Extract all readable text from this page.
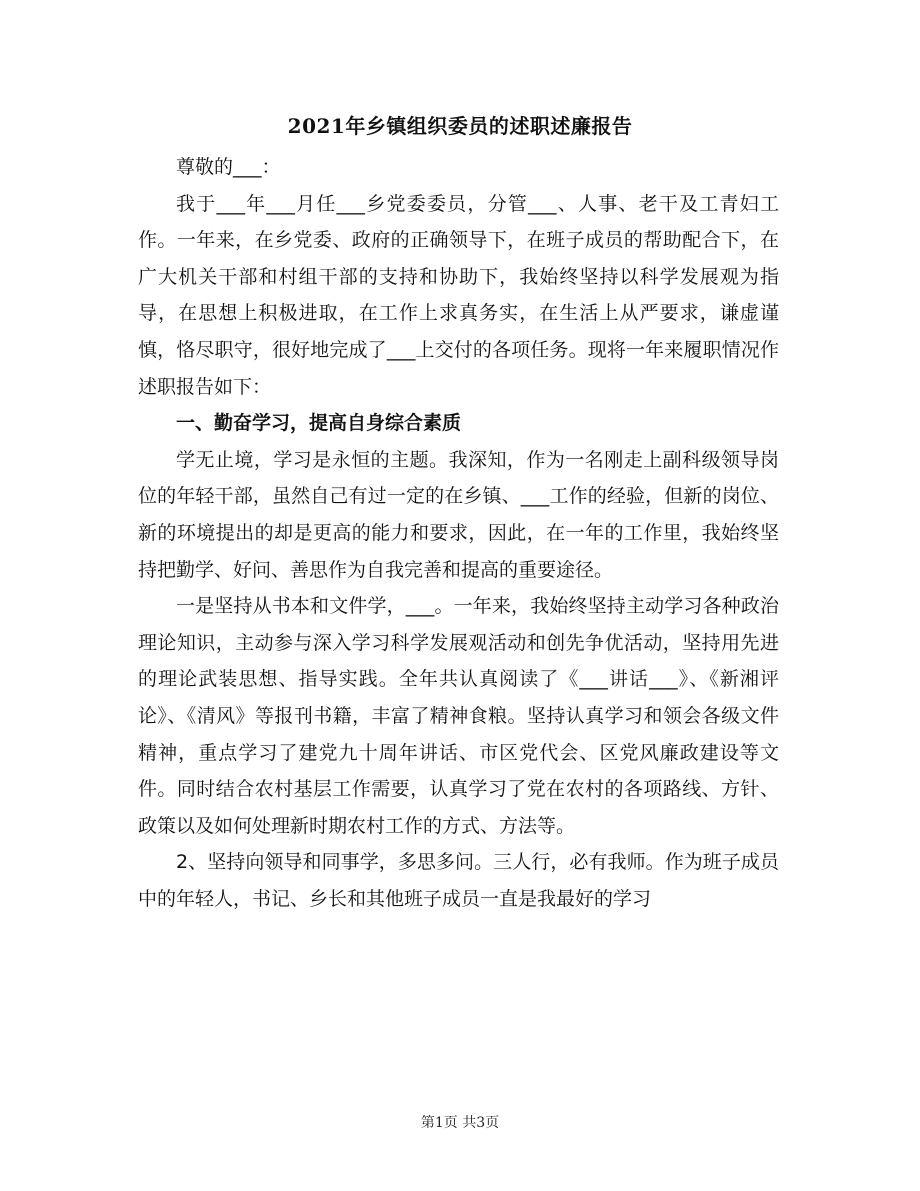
2021年乡镇组织委员的述职述廉报告

尊敬的___：

我于___年___月任___乡党委委员，分管___、人事、老干及工青妇工作。一年来，在乡党委、政府的正确领导下，在班子成员的帮助配合下，在广大机关干部和村组干部的支持和协助下，我始终坚持以科学发展观为指导，在思想上积极进取，在工作上求真务实，在生活上从严要求，谦虚谨慎，恪尽职守，很好地完成了___上交付的各项任务。现将一年来履职情况作述职报告如下：

一、勤奋学习，提高自身综合素质

学无止境，学习是永恒的主题。我深知，作为一名刚走上副科级领导岗位的年轻干部，虽然自己有过一定的在乡镇、___工作的经验，但新的岗位、新的环境提出的却是更高的能力和要求，因此，在一年的工作里，我始终坚持把勤学、好问、善思作为自我完善和提高的重要途径。

一是坚持从书本和文件学，___。一年来，我始终坚持主动学习各种政治理论知识，主动参与深入学习科学发展观活动和创先争优活动，坚持用先进的理论武装思想、指导实践。全年共认真阅读了《___讲话___》、《新湘评论》、《清风》等报刊书籍，丰富了精神食粮。坚持认真学习和领会各级文件精神，重点学习了建党九十周年讲话、市区党代会、区党风廉政建设等文件。同时结合农村基层工作需要，认真学习了党在农村的各项路线、方针、政策以及如何处理新时期农村工作的方式、方法等。

2、坚持向领导和同事学，多思多问。三人行，必有我师。作为班子成员中的年轻人，书记、乡长和其他班子成员一直是我最好的学习

第1页 共3页
